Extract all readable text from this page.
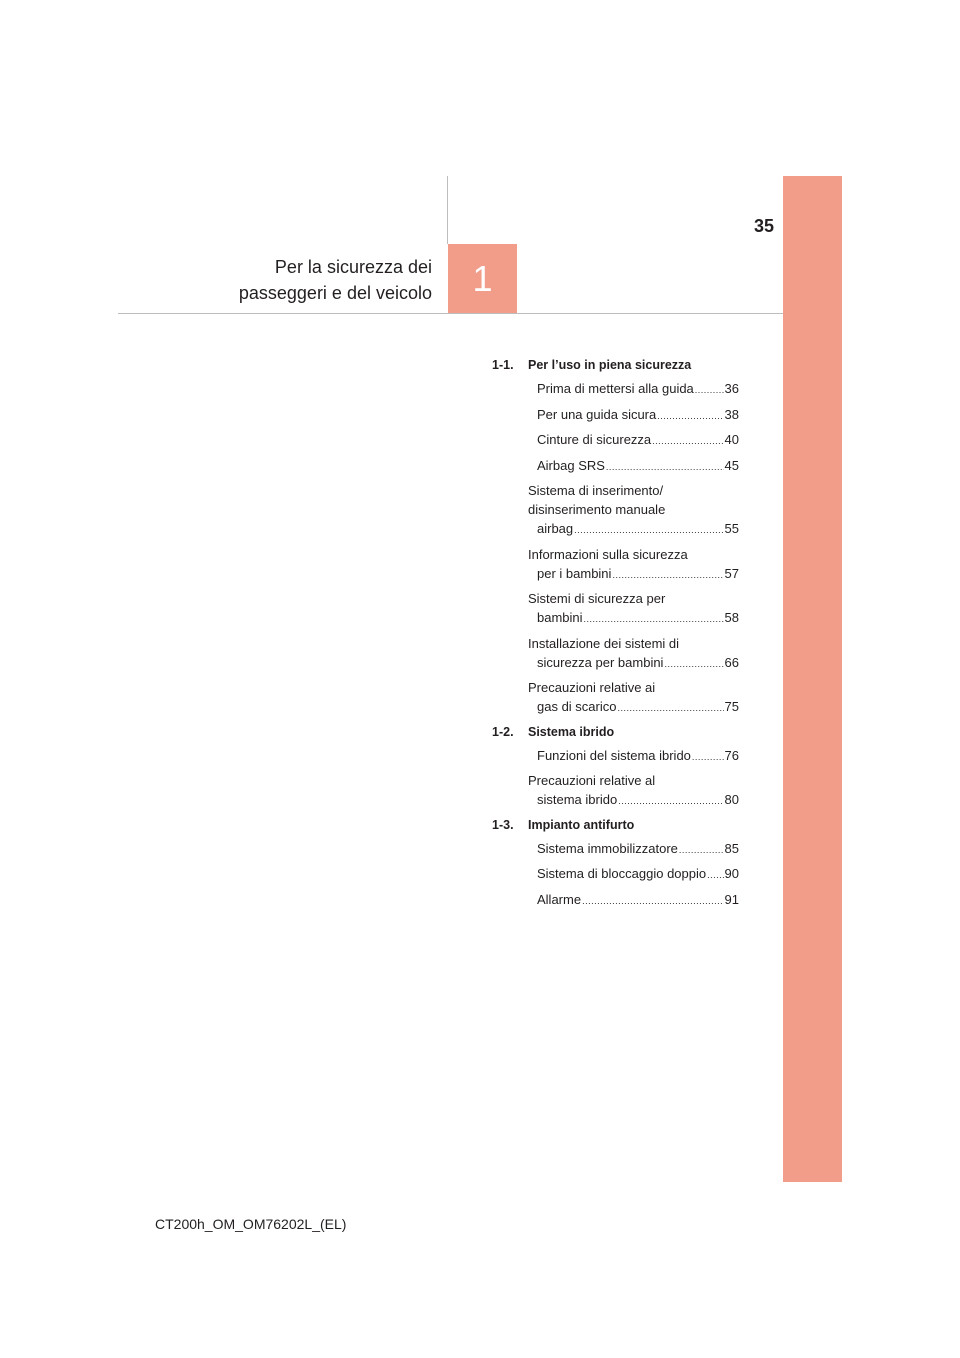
35
Per la sicurezza dei
passeggeri e del veicolo 1
1-1.	Per l’uso in piena sicurezza
Prima di mettersi alla guida ..... 36
Per una guida sicura .....	38
Cinture di sicurezza .....	40
Airbag SRS .....	45
Sistema di inserimento/
disinserimento manuale
airbag .....	55
Informazioni sulla sicurezza
per i bambini .....	57
Sistemi di sicurezza per
bambini .....	58
Installazione dei sistemi di
sicurezza per bambini .....	66
Precauzioni relative ai
gas di scarico .....	75
1-2.	Sistema ibrido
Funzioni del sistema ibrido .....	76
Precauzioni relative al
sistema ibrido .....	80
1-3.	Impianto antifurto
Sistema immobilizzatore .....	85
Sistema di bloccaggio doppio ..... 90
Allarme .....	91
CT200h_OM_OM76202L_(EL)
